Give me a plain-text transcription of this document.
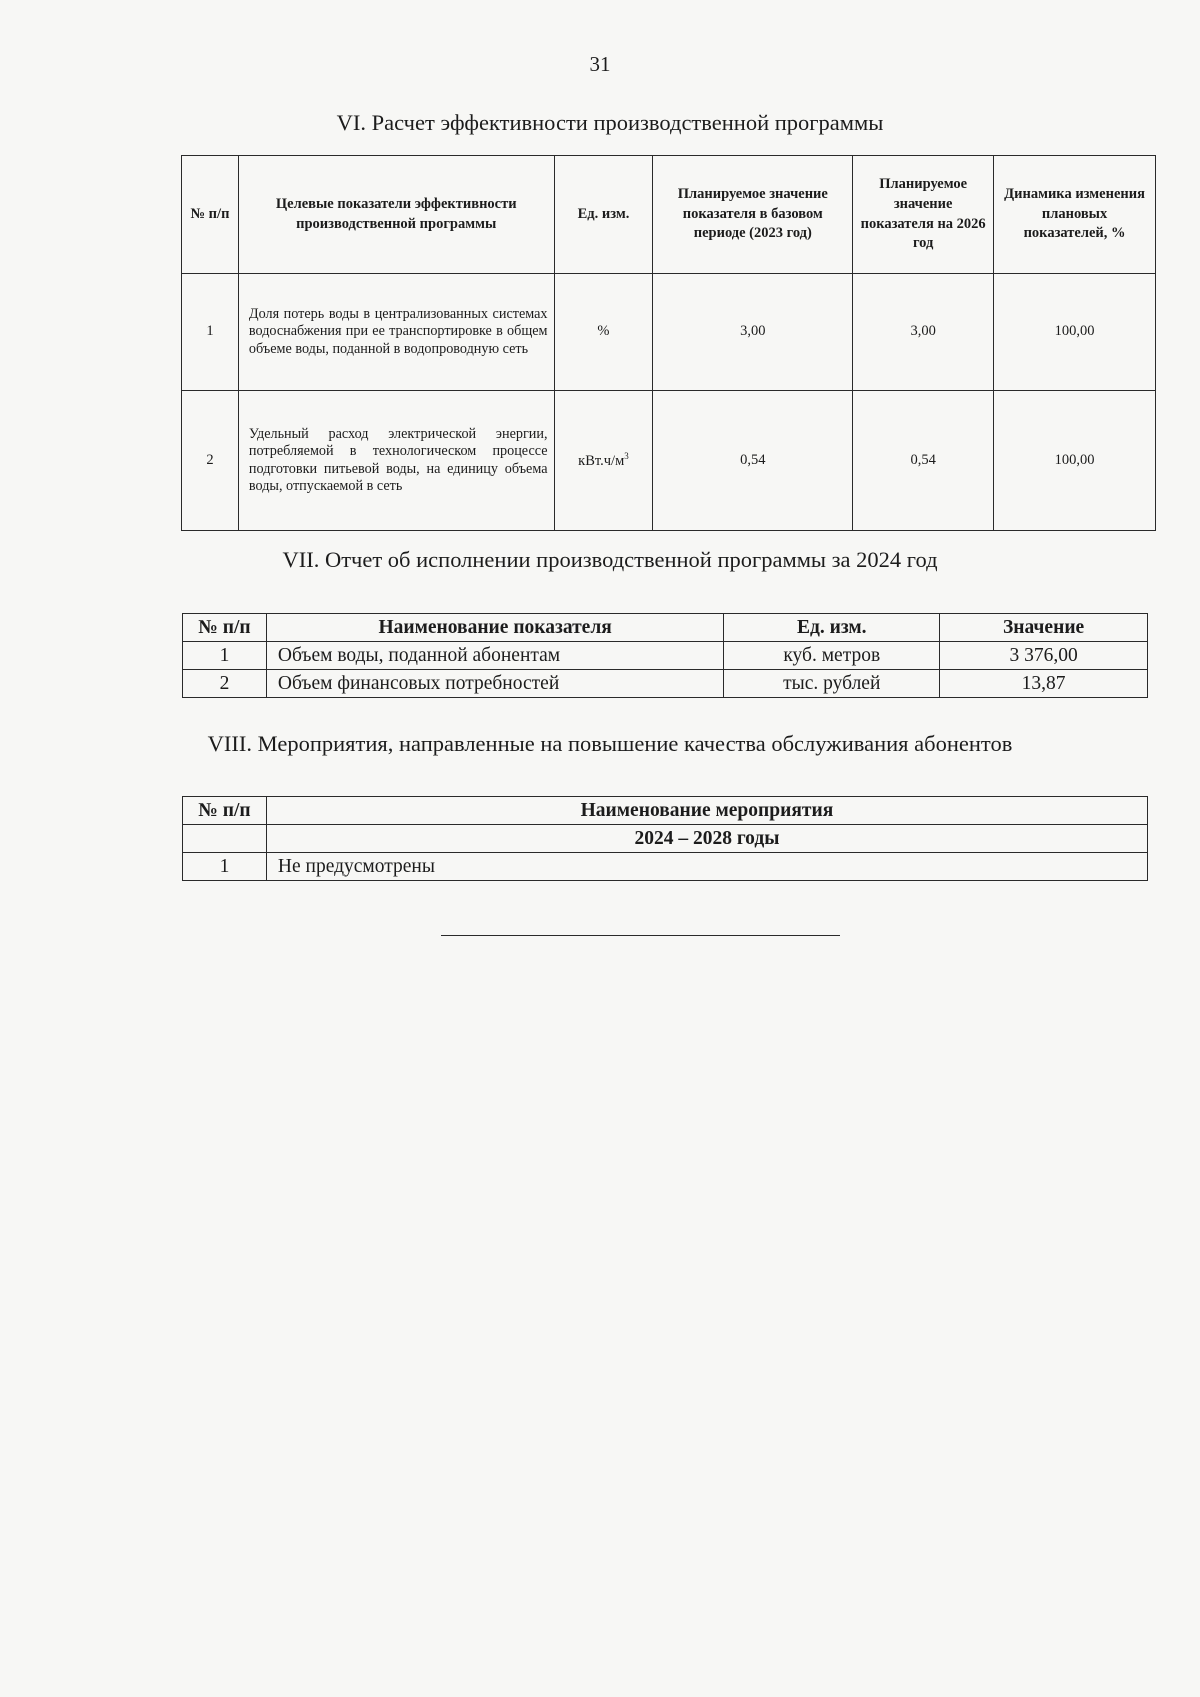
31
VI. Расчет эффективности производственной программы
№ п/п	Целевые показатели эффективности производственной программы	Ед. изм.	Планируемое значение показателя в базовом периоде (2023 год)	Планируемое значение показателя на 2026 год	Динамика изменения плановых показателей, %
1	Доля потерь воды в централизованных системах водоснабжения при ее транспортировке в общем объеме воды, поданной в водопроводную сеть	%	3,00	3,00	100,00
2	Удельный расход электрической энергии, потребляемой в технологическом процессе подготовки питьевой воды, на единицу объема воды, отпускаемой в сеть	$кВт.ч/м^3$	0,54	0,54	100,00
VII. Отчет об исполнении производственной программы за 2024 год
№ п/п	Наименование показателя	Ед. изм.	Значение
1	Объем воды, поданной абонентам	куб. метров	3 376,00
2	Объем финансовых потребностей	тыс. рублей	13,87
VIII. Мероприятия, направленные на повышение качества обслуживания абонентов
№ п/п	Наименование мероприятия
	2024 – 2028 годы
1	Не предусмотрены
